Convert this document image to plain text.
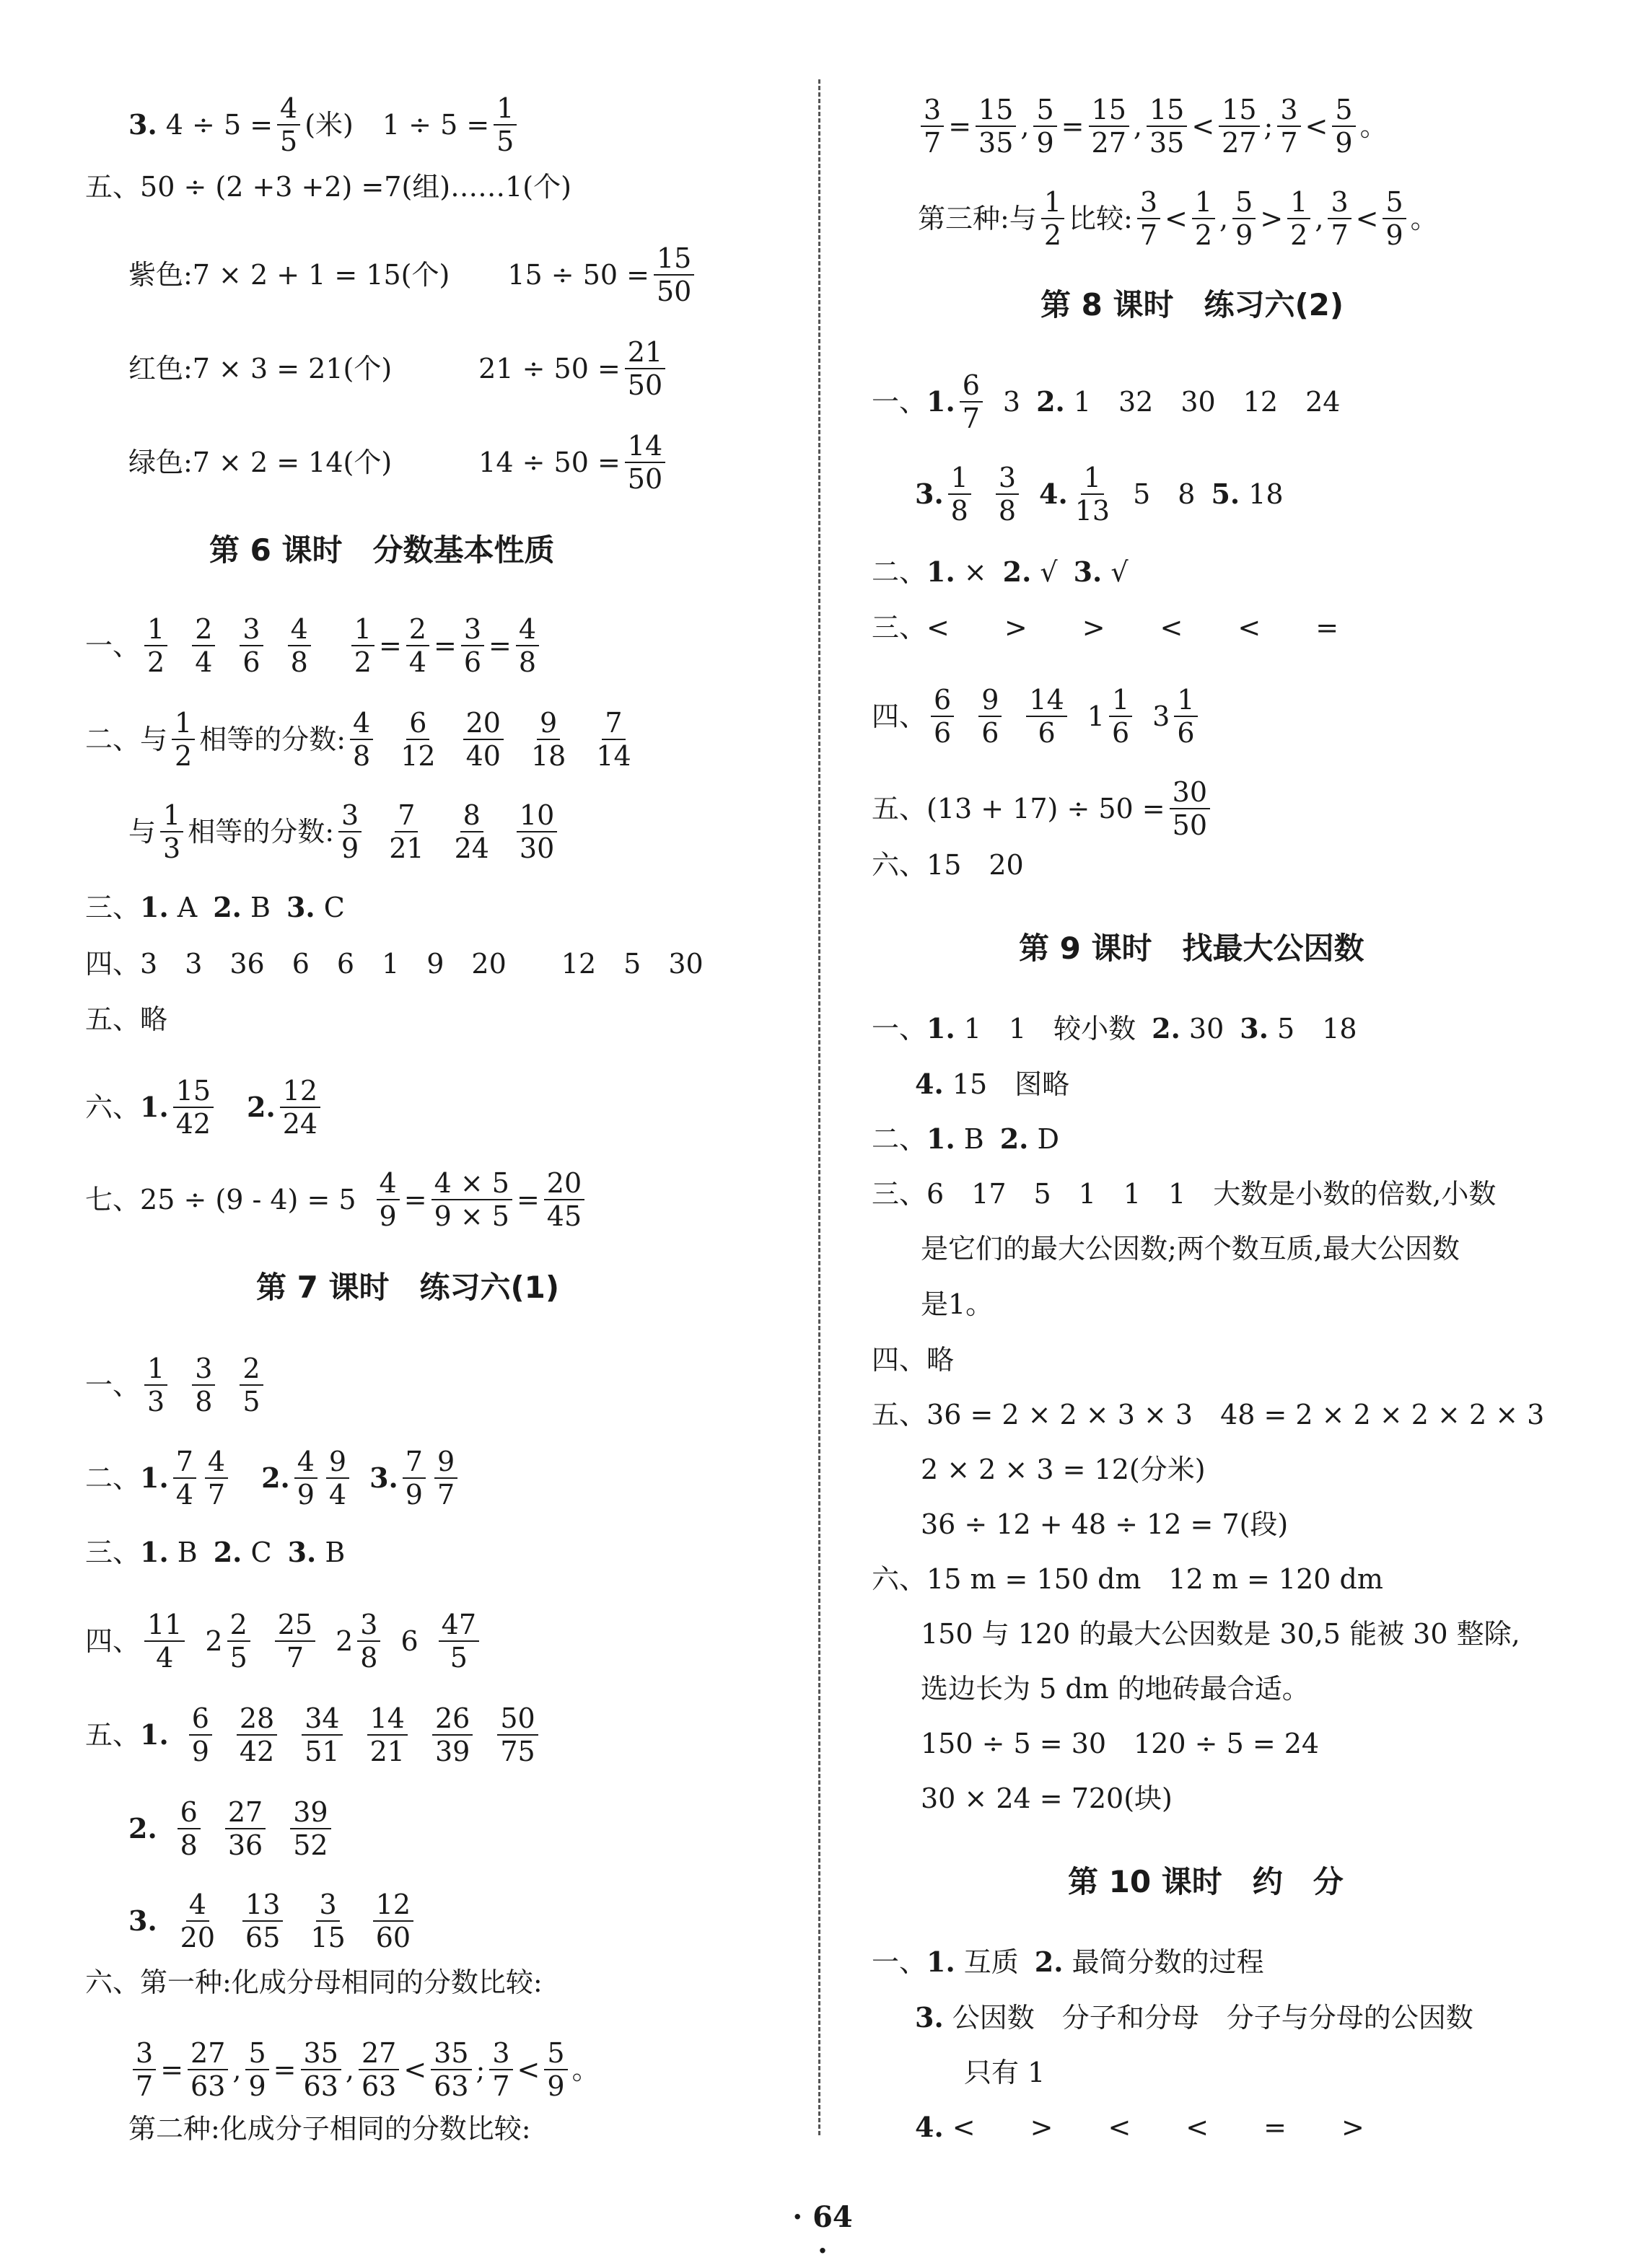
3.
$4 \div 5 = \frac{4}{5}$ (米) $1 \div 5 = \frac{1}{5}$
五、 50 ÷ (2 +3 +2) =7(组)……1(个)
紫色:7 × 2 + 1 = 15(个) $15 \div 50 = \frac{15}{50}$
红色:7 × 3 = 21(个)	$21 \div 50 = \frac{21}{50}$
绿色:7 × 2 = 14(个)	$14 \div 50 = \frac{14}{50}$
第 6 课时　分数基本性质
一、 $\frac{1}{2} \frac{2}{4} \frac{3}{6} \frac{4}{8} \frac{1}{2} = \frac{2}{4} = \frac{3}{6} = \frac{4}{8}$
二、 与 $\frac{1}{2}$ 相等的分数: $\frac{4}{8} \frac{6}{12} \frac{20}{40} \frac{9}{18} \frac{7}{14}$
与 $\frac{1}{3}$ 相等的分数: $\frac{3}{9} \frac{7}{21} \frac{8}{24} \frac{10}{30}$
三、 1.
A 2.
B 3.
C
四、 3　3　36　6　6　1　9　20　　12　5　30
五、 略
六、 1. $\frac{15}{42} 2$. $\frac{12}{24}$
七、 $25 \div (9 - 4) = 5 \frac{4}{9} = \frac{4 \times 5}{9 \times 5} = \frac{20}{45}$
第 7 课时　练习六(1)
一、 $\frac{1}{3} \frac{3}{8} \frac{2}{5}$
二、 1. $\frac{7}{4} \frac{4}{7} 2$. $\frac{4}{9} \frac{9}{4} 3$. $\frac{7}{9} \frac{9}{7}$
三、 1.
B 2.
C 3.
B
四、 $\frac{11}{4} 2 \frac{2}{5} \frac{25}{7} 2 \frac{3}{8} 6 \frac{47}{5}$
五、 1. $\frac{6}{9} \frac{28}{42} \frac{34}{51} \frac{14}{21} \frac{26}{39} \frac{50}{75}$
2. $\frac{6}{8} \frac{27}{36} \frac{39}{52}$
3. $\frac{4}{20} \frac{13}{65} \frac{3}{15} \frac{12}{60}$
六、 第一种:化成分母相同的分数比较:
$\frac{3}{7} = \frac{27}{63}$ , $\frac{5}{9} = \frac{35}{63}$ , $\frac{27}{63} < \frac{35}{63}$ ; $\frac{3}{7} < \frac{5}{9}$ 。
第二种:化成分子相同的分数比较:
$\frac{3}{7} = \frac{15}{35}$ , $\frac{5}{9} = \frac{15}{27}$ , $\frac{15}{35} < \frac{15}{27}$ ; $\frac{3}{7} < \frac{5}{9}$ 。
第三种:与 $\frac{1}{2}$ 比较: $\frac{3}{7} < \frac{1}{2}$ , $\frac{5}{9} > \frac{1}{2}$ , $\frac{3}{7} < \frac{5}{9}$ 。
第 8 课时　练习六(2)
一、 1. $\frac{6}{7} 3$ 2.
1　32　30　12　24
3. $\frac{1}{8} \frac{3}{8} 4$. $\frac{1}{13} 5$　8 5.
18
二、 1.
× 2.
√ 3.
√
三、 <　　>　　>　　<　　<　　=
四、 $\frac{6}{6} \frac{9}{6} \frac{14}{6} 1 \frac{1}{6} 3 \frac{1}{6}$
五、 $(13 + 17) \div 50 = \frac{30}{50}$
六、 15　20
第 9 课时　找最大公因数
一、 1.
1　1　较小数 2.
30 3.
5　18
4.
15　图略
二、 1.
B 2.
D
三、 6　17　5　1　1　1　大数是小数的倍数,小数
是它们的最大公因数;两个数互质,最大公因数
是1。
四、 略
五、 36 = 2 × 2 × 3 × 3　48 = 2 × 2 × 2 × 2 × 3
2 × 2 × 3 = 12(分米)
36 ÷ 12 + 48 ÷ 12 = 7(段)
六、 15 m = 150 dm　12 m = 120 dm
150 与 120 的最大公因数是 30,5 能被 30 整除,
选边长为 5 dm 的地砖最合适。
150 ÷ 5 = 30　120 ÷ 5 = 24
30 × 24 = 720(块)
第 10 课时　约　分
一、 1.
互质 2.
最简分数的过程
3.
公因数　分子和分母　分子与分母的公因数
只有 1
4.
<　　>　　<　　<　　=　　>
· 64 ·
